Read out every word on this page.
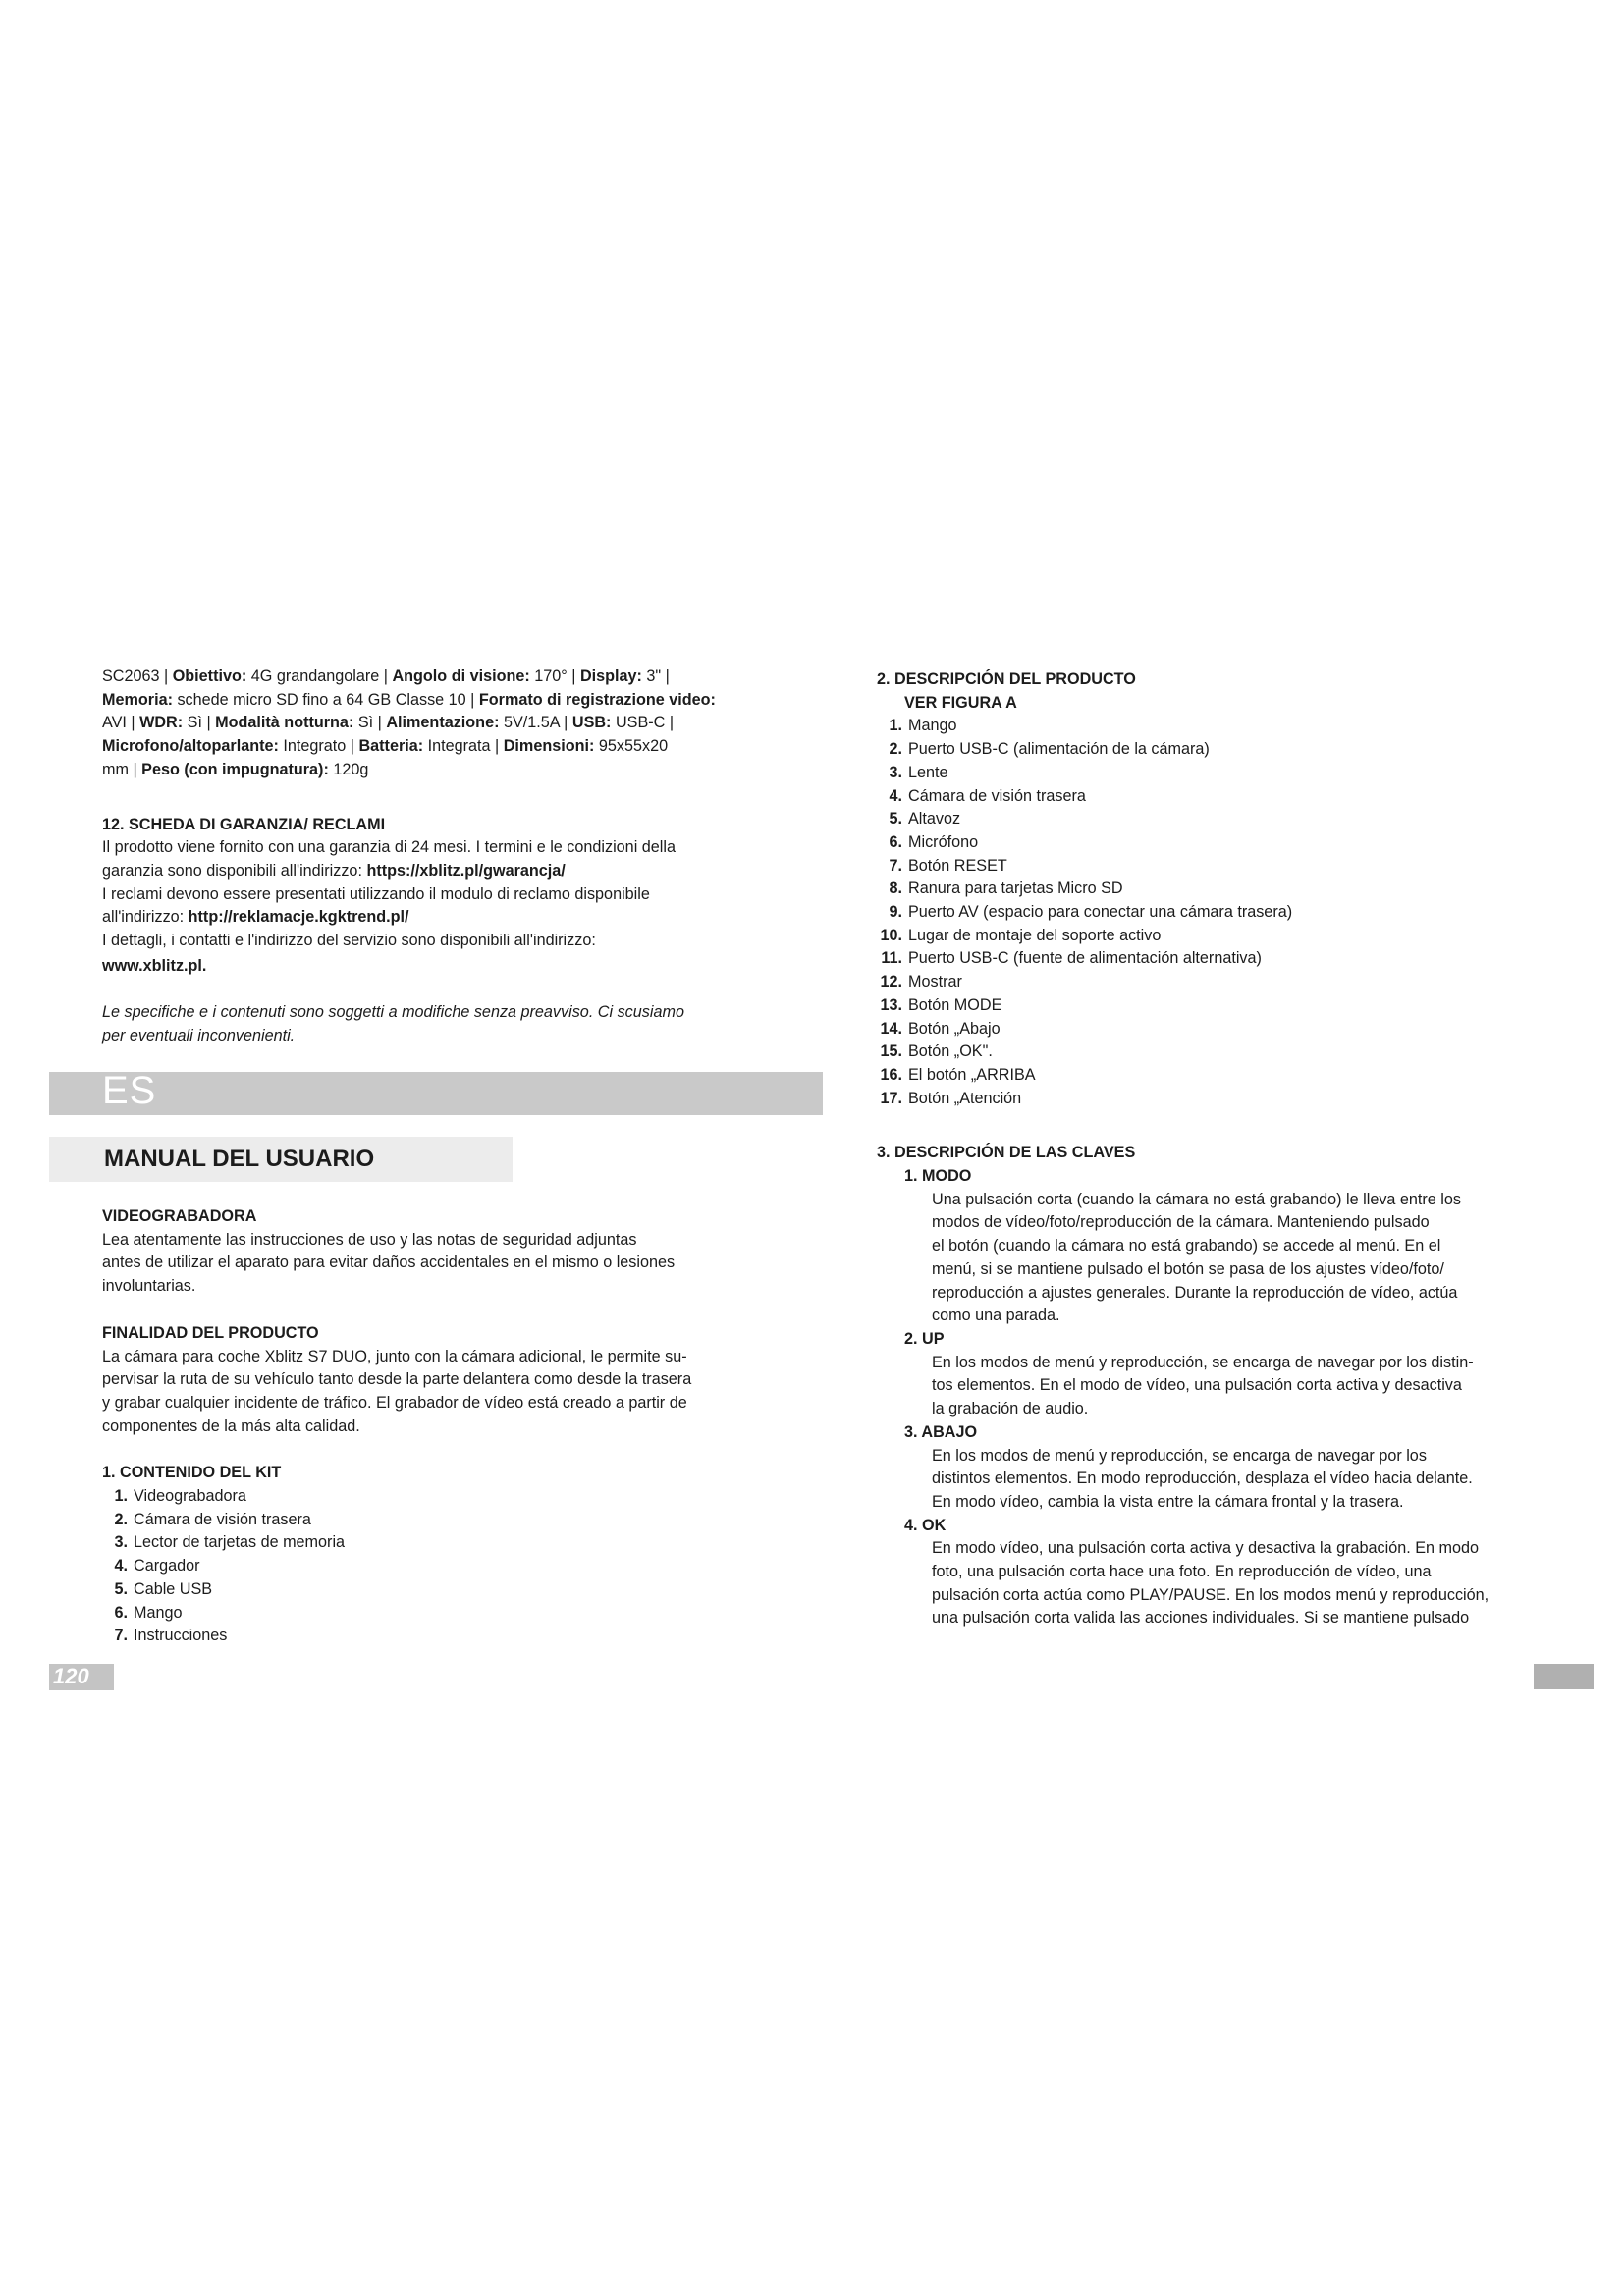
SC2063 | Obiettivo: 4G grandangolare | Angolo di visione: 170° | Display: 3" |

Memoria: schede micro SD fino a 64 GB Classe 10 | Formato di registrazione video:

AVI | WDR: Sì | Modalità notturna: Sì | Alimentazione: 5V/1.5A | USB: USB-C |

Microfono/altoparlante: Integrato | Batteria: Integrata | Dimensioni: 95x55x20

mm | Peso (con impugnatura): 120g

12. SCHEDA DI GARANZIA/ RECLAMI

Il prodotto viene fornito con una garanzia di 24 mesi. I termini e le condizioni della

garanzia sono disponibili all'indirizzo: https://xblitz.pl/gwarancja/

I reclami devono essere presentati utilizzando il modulo di reclamo disponibile

all'indirizzo: http://reklamacje.kgktrend.pl/

I dettagli, i contatti e l'indirizzo del servizio sono disponibili all'indirizzo:

www.xblitz.pl.

Le specifiche e i contenuti sono soggetti a modifiche senza preavviso. Ci scusiamo

per eventuali inconvenienti.

ES
MANUAL DEL USUARIO

VIDEOGRABADORA

Lea atentamente las instrucciones de uso y las notas de seguridad adjuntas

antes de utilizar el aparato para evitar daños accidentales en el mismo o lesiones

involuntarias.

FINALIDAD DEL PRODUCTO

La cámara para coche Xblitz S7 DUO, junto con la cámara adicional, le permite su-

pervisar la ruta de su vehículo tanto desde la parte delantera como desde la trasera

y grabar cualquier incidente de tráfico. El grabador de vídeo está creado a partir de

componentes de la más alta calidad.

1. CONTENIDO DEL KIT

1. Videograbadora
2. Cámara de visión trasera
3. Lector de tarjetas de memoria
4. Cargador
5. Cable USB
6. Mango
7. Instrucciones
120

2. DESCRIPCIÓN DEL PRODUCTO

VER FIGURA A

1. Mango
2. Puerto USB-C (alimentación de la cámara)
3. Lente
4. Cámara de visión trasera
5. Altavoz
6. Micrófono
7. Botón RESET
8. Ranura para tarjetas Micro SD
9. Puerto AV (espacio para conectar una cámara trasera)
10. Lugar de montaje del soporte activo
11. Puerto USB-C (fuente de alimentación alternativa)
12. Mostrar
13. Botón MODE
14. Botón „Abajo
15. Botón „OK".
16. El botón „ARRIBA
17. Botón „Atención

3. DESCRIPCIÓN DE LAS CLAVES

1. MODO

Una pulsación corta (cuando la cámara no está grabando) le lleva entre los

modos de vídeo/foto/reproducción de la cámara. Manteniendo pulsado

el botón (cuando la cámara no está grabando) se accede al menú. En el

menú, si se mantiene pulsado el botón se pasa de los ajustes vídeo/foto/

reproducción a ajustes generales. Durante la reproducción de vídeo, actúa

como una parada.

2. UP

En los modos de menú y reproducción, se encarga de navegar por los distin-

tos elementos. En el modo de vídeo, una pulsación corta activa y desactiva

la grabación de audio.

3. ABAJO

En los modos de menú y reproducción, se encarga de navegar por los

distintos elementos. En modo reproducción, desplaza el vídeo hacia delante.

En modo vídeo, cambia la vista entre la cámara frontal y la trasera.

4. OK

En modo vídeo, una pulsación corta activa y desactiva la grabación. En modo

foto, una pulsación corta hace una foto. En reproducción de vídeo, una

pulsación corta actúa como PLAY/PAUSE. En los modos menú y reproducción,

una pulsación corta valida las acciones individuales. Si se mantiene pulsado
